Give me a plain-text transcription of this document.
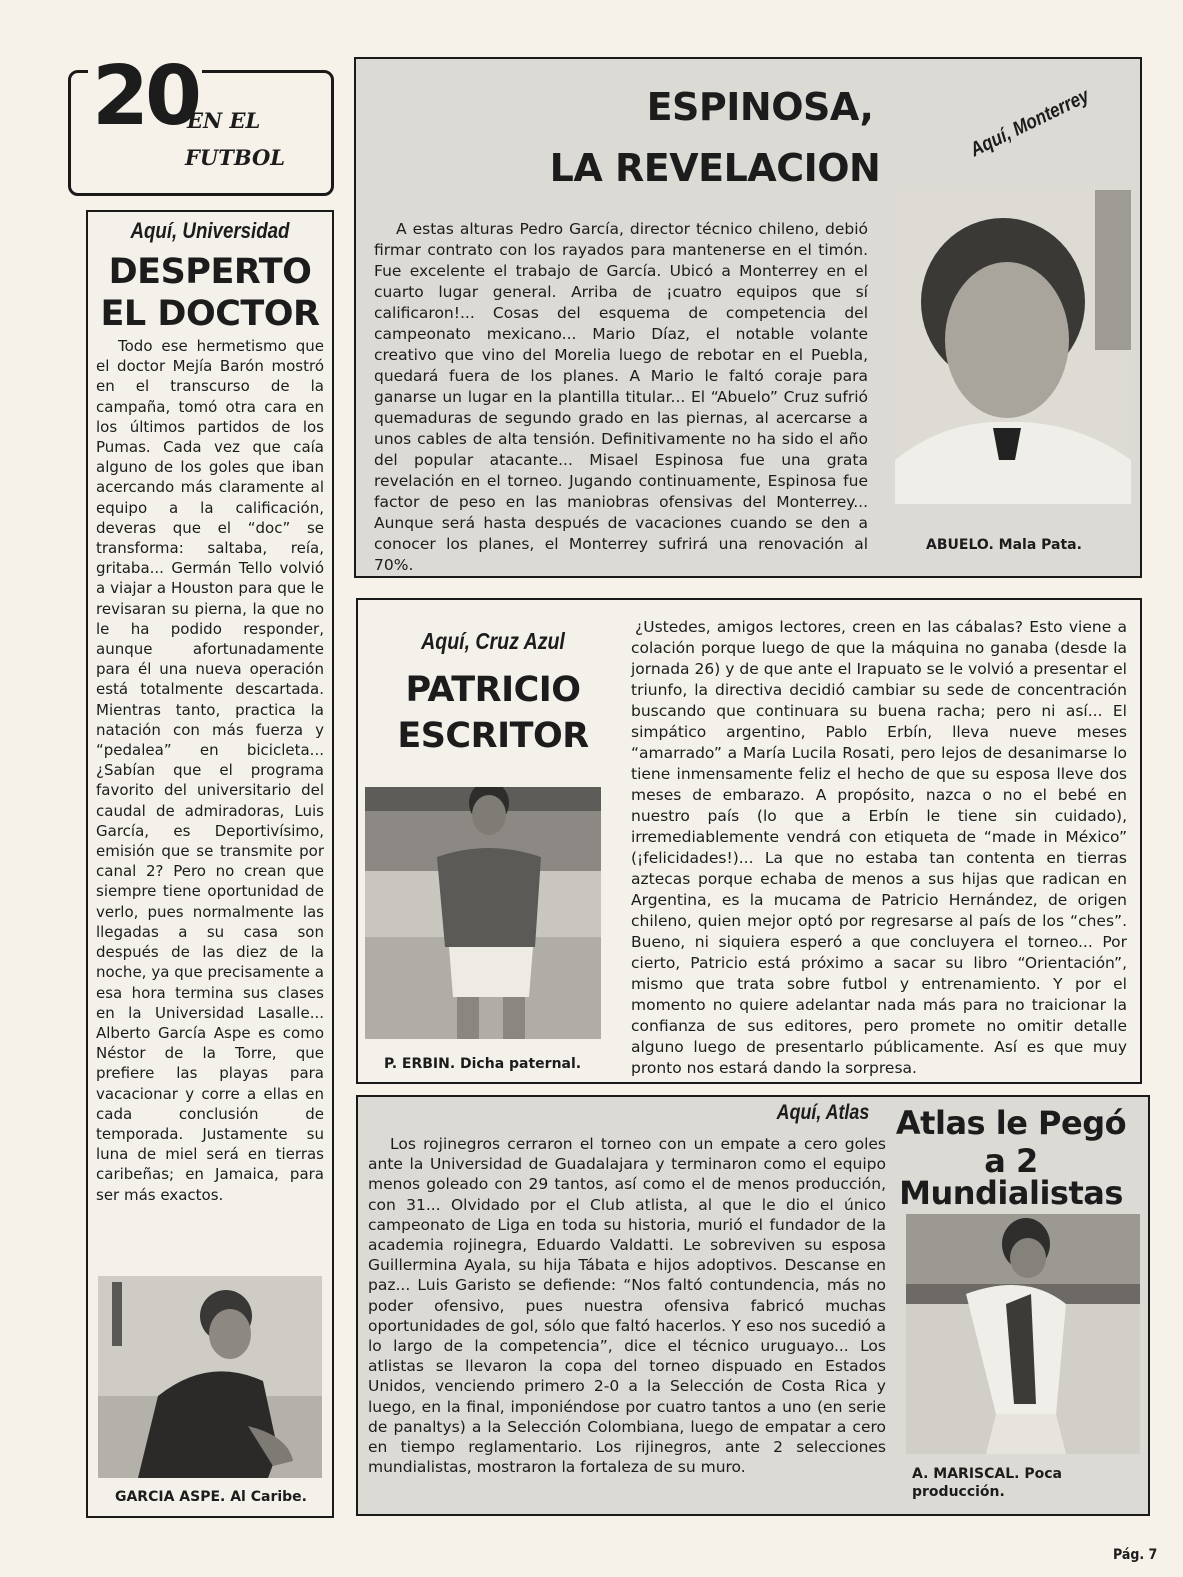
20
EN EL
FUTBOL
Aquí, Universidad
DESPERTO
EL DOCTOR
Todo ese hermetismo que el doctor Mejía Barón mostró en el transcurso de la campaña, tomó otra cara en los últimos partidos de los Pumas. Cada vez que caía alguno de los goles que iban acercando más claramente al equipo a la calificación, deveras que el “doc” se transforma: saltaba, reía, gritaba... Germán Tello volvió a viajar a Houston para que le revisaran su pierna, la que no le ha podido responder, aunque afortunadamente para él una nueva operación está totalmente descartada. Mientras tanto, practica la natación con más fuerza y “pedalea” en bicicleta... ¿Sabían que el programa favorito del universitario del caudal de admiradoras, Luis García, es Deportivísimo, emisión que se transmite por canal 2? Pero no crean que siempre tiene oportunidad de verlo, pues normalmente las llegadas a su casa son después de las diez de la noche, ya que precisamente a esa hora termina sus clases en la Universidad Lasalle... Alberto García Aspe es como Néstor de la Torre, que prefiere las playas para vacacionar y corre a ellas en cada conclusión de temporada. Justamente su luna de miel será en tierras caribeñas; en Jamaica, para ser más exactos.
GARCIA ASPE. Al Caribe.
ESPINOSA,
LA REVELACION
Aquí, Monterrey
A estas alturas Pedro García, director técnico chileno, debió firmar contrato con los rayados para mantenerse en el timón. Fue excelente el trabajo de García. Ubicó a Monterrey en el cuarto lugar general. Arriba de ¡cuatro equipos que sí calificaron!... Cosas del esquema de competencia del campeonato mexicano... Mario Díaz, el notable volante creativo que vino del Morelia luego de rebotar en el Puebla, quedará fuera de los planes. A Mario le faltó coraje para ganarse un lugar en la plantilla titular... El “Abuelo” Cruz sufrió quemaduras de segundo grado en las piernas, al acercarse a unos cables de alta tensión. Definitivamente no ha sido el año del popular atacante... Misael Espinosa fue una grata revelación en el torneo. Jugando continuamente, Espinosa fue factor de peso en las maniobras ofensivas del Monterrey... Aunque será hasta después de vacaciones cuando se den a conocer los planes, el Monterrey sufrirá una renovación al 70%.
ABUELO. Mala Pata.
Aquí, Cruz Azul
PATRICIO
ESCRITOR
P. ERBIN. Dicha paternal.
¿Ustedes, amigos lectores, creen en las cábalas? Esto viene a colación porque luego de que la máquina no ganaba (desde la jornada 26) y de que ante el Irapuato se le volvió a presentar el triunfo, la directiva decidió cambiar su sede de concentración buscando que continuara su buena racha; pero ni así... El simpático argentino, Pablo Erbín, lleva nueve meses “amarrado” a María Lucila Rosati, pero lejos de desanimarse lo tiene inmensamente feliz el hecho de que su esposa lleve dos meses de embarazo. A propósito, nazca o no el bebé en nuestro país (lo que a Erbín le tiene sin cuidado), irremediablemente vendrá con etiqueta de “made in México” (¡felicidades!)... La que no estaba tan contenta en tierras aztecas porque echaba de menos a sus hijas que radican en Argentina, es la mucama de Patricio Hernández, de origen chileno, quien mejor optó por regresarse al país de los “ches”. Bueno, ni siquiera esperó a que concluyera el torneo... Por cierto, Patricio está próximo a sacar su libro “Orientación”, mismo que trata sobre futbol y entrenamiento. Y por el momento no quiere adelantar nada más para no traicionar la confianza de sus editores, pero promete no omitir detalle alguno luego de presentarlo públicamente. Así es que muy pronto nos estará dando la sorpresa.
Aquí, Atlas
Los rojinegros cerraron el torneo con un empate a cero goles ante la Universidad de Guadalajara y terminaron como el equipo menos goleado con 29 tantos, así como el de menos producción, con 31... Olvidado por el Club atlista, al que le dio el único campeonato de Liga en toda su historia, murió el fundador de la academia rojinegra, Eduardo Valdatti. Le sobreviven su esposa Guillermina Ayala, su hija Tábata e hijos adoptivos. Descanse en paz... Luis Garisto se defiende: “Nos faltó contundencia, más no poder ofensivo, pues nuestra ofensiva fabricó muchas oportunidades de gol, sólo que faltó hacerlos. Y eso nos sucedió a lo largo de la competencia”, dice el técnico uruguayo... Los atlistas se llevaron la copa del torneo dispuado en Estados Unidos, venciendo primero 2-0 a la Selección de Costa Rica y luego, en la final, imponiéndose por cuatro tantos a uno (en serie de panaltys) a la Selección Colombiana, luego de empatar a cero en tiempo reglamentario. Los rijinegros, ante 2 selecciones mundialistas, mostraron la fortaleza de su muro.
Atlas le Pegó
a 2
Mundialistas
A. MARISCAL. Poca producción.
Pág. 7
